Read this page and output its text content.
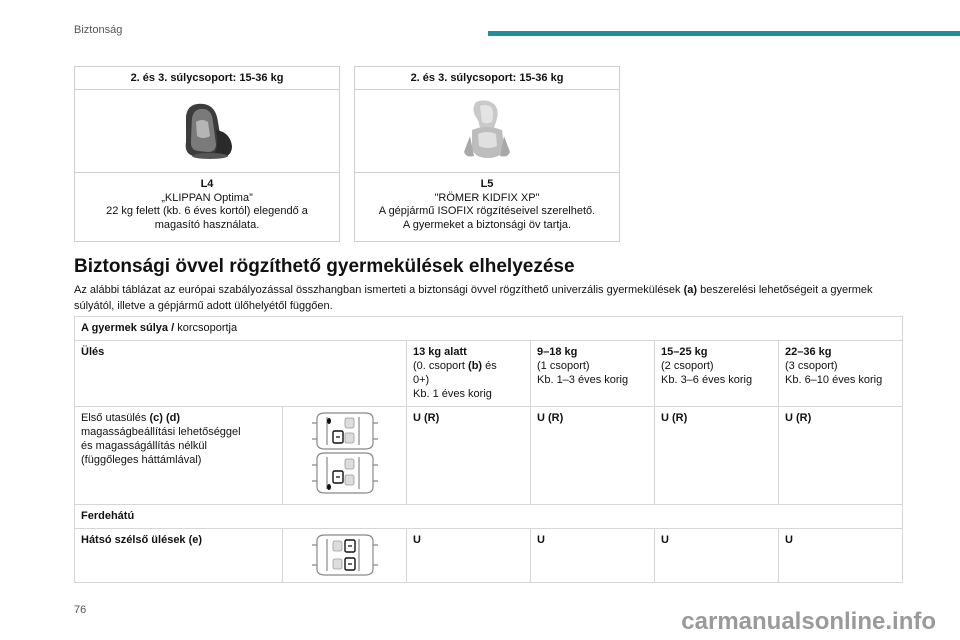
Biztonság
2. és 3. súlycsoport: 15-36 kg
L4
„KLIPPAN Optima”
22 kg felett (kb. 6 éves kortól) elegendő a
magasító használata.
2. és 3. súlycsoport: 15-36 kg
L5
"RÖMER KIDFIX XP"
A gépjármű ISOFIX rögzítéseivel szerelhető.
A gyermeket a biztonsági öv tartja.
Biztonsági övvel rögzíthető gyermekülések elhelyezése
Az alábbi táblázat az európai szabályozással összhangban ismerteti a biztonsági övvel rögzíthető univerzális gyermekülések (a) beszerelési lehetőségeit a gyermek súlyától, illetve a gépjármű adott ülőhelyétől függően.
A gyermek súlya / korcsoportja					
Ülés		13 kg alatt
(0. csoport (b) és
0+)
Kb. 1 éves korig	9–18 kg
(1 csoport)
Kb. 1–3 éves korig	15–25 kg
(2 csoport)
Kb. 3–6 éves korig	22–36 kg
(3 csoport)
Kb. 6–10 éves korig

Első utasülés (c) (d)
magasságbeállítási lehetőséggel
és magasságállítás nélkül
(függőleges háttámlával)		U (R)	U (R)	U (R)	U (R)
Ferdehátú					
Hátsó szélső ülések (e)		U	U	U	U
76	carmanualsonline.info
